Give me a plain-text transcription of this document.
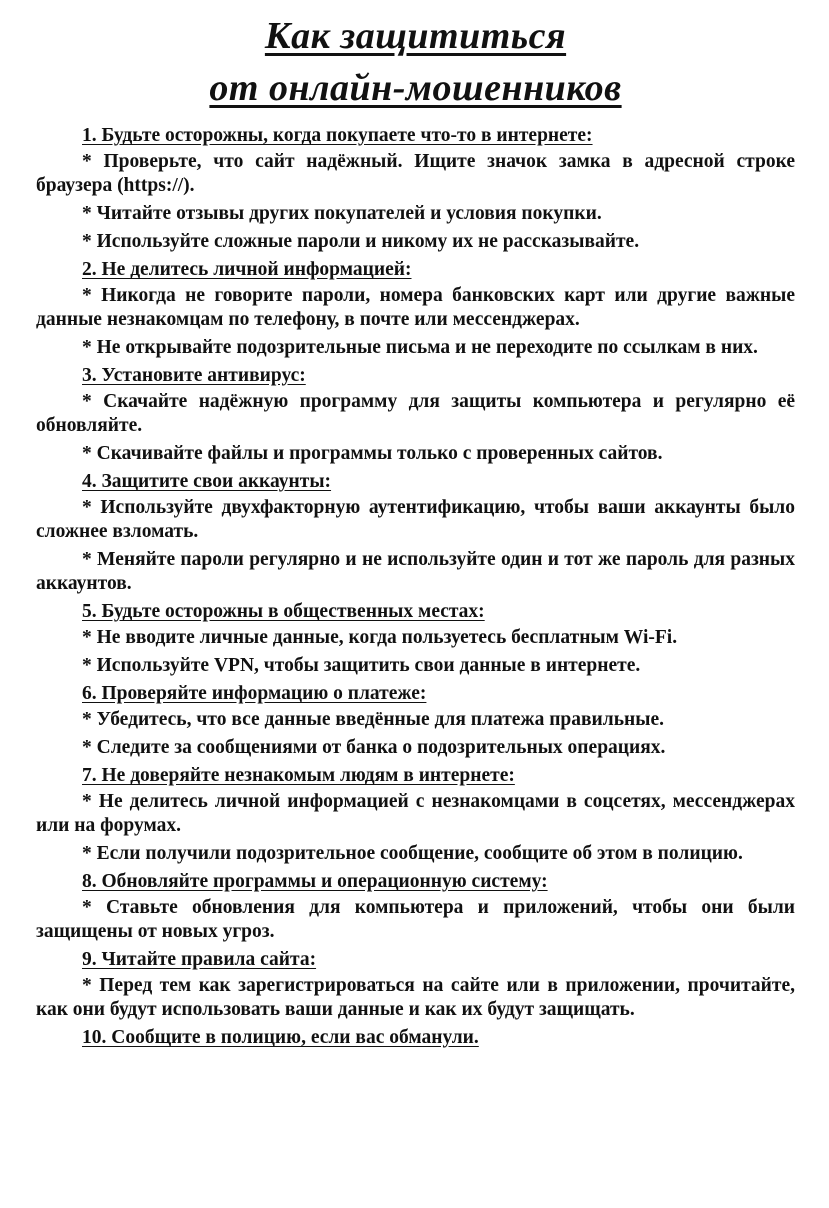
Как защититься
от онлайн-мошенников

1. Будьте осторожны, когда покупаете что-то в интернете:

* Проверьте, что сайт надёжный. Ищите значок замка в адресной строке браузера (https://).

* Читайте отзывы других покупателей и условия покупки.

* Используйте сложные пароли и никому их не рассказывайте.

2. Не делитесь личной информацией:

* Никогда не говорите пароли, номера банковских карт или другие важные данные незнакомцам по телефону, в почте или мессенджерах.

* Не открывайте подозрительные письма и не переходите по ссылкам в них.

3. Установите антивирус:

* Скачайте надёжную программу для защиты компьютера и регулярно её обновляйте.

* Скачивайте файлы и программы только с проверенных сайтов.

4. Защитите свои аккаунты:

* Используйте двухфакторную аутентификацию, чтобы ваши аккаунты было сложнее взломать.

* Меняйте пароли регулярно и не используйте один и тот же пароль для разных аккаунтов.

5. Будьте осторожны в общественных местах:

* Не вводите личные данные, когда пользуетесь бесплатным Wi-Fi.

* Используйте VPN, чтобы защитить свои данные в интернете.

6. Проверяйте информацию о платеже:

* Убедитесь, что все данные введённые для платежа правильные.

* Следите за сообщениями от банка о подозрительных операциях.

7. Не доверяйте незнакомым людям в интернете:

* Не делитесь личной информацией с незнакомцами в соцсетях, мессенджерах или на форумах.

* Если получили подозрительное сообщение, сообщите об этом в полицию.

8. Обновляйте программы и операционную систему:

* Ставьте обновления для компьютера и приложений, чтобы они были защищены от новых угроз.

9. Читайте правила сайта:

* Перед тем как зарегистрироваться на сайте или в приложении, прочитайте, как они будут использовать ваши данные и как их будут защищать.

10. Сообщите в полицию, если вас обманули.
